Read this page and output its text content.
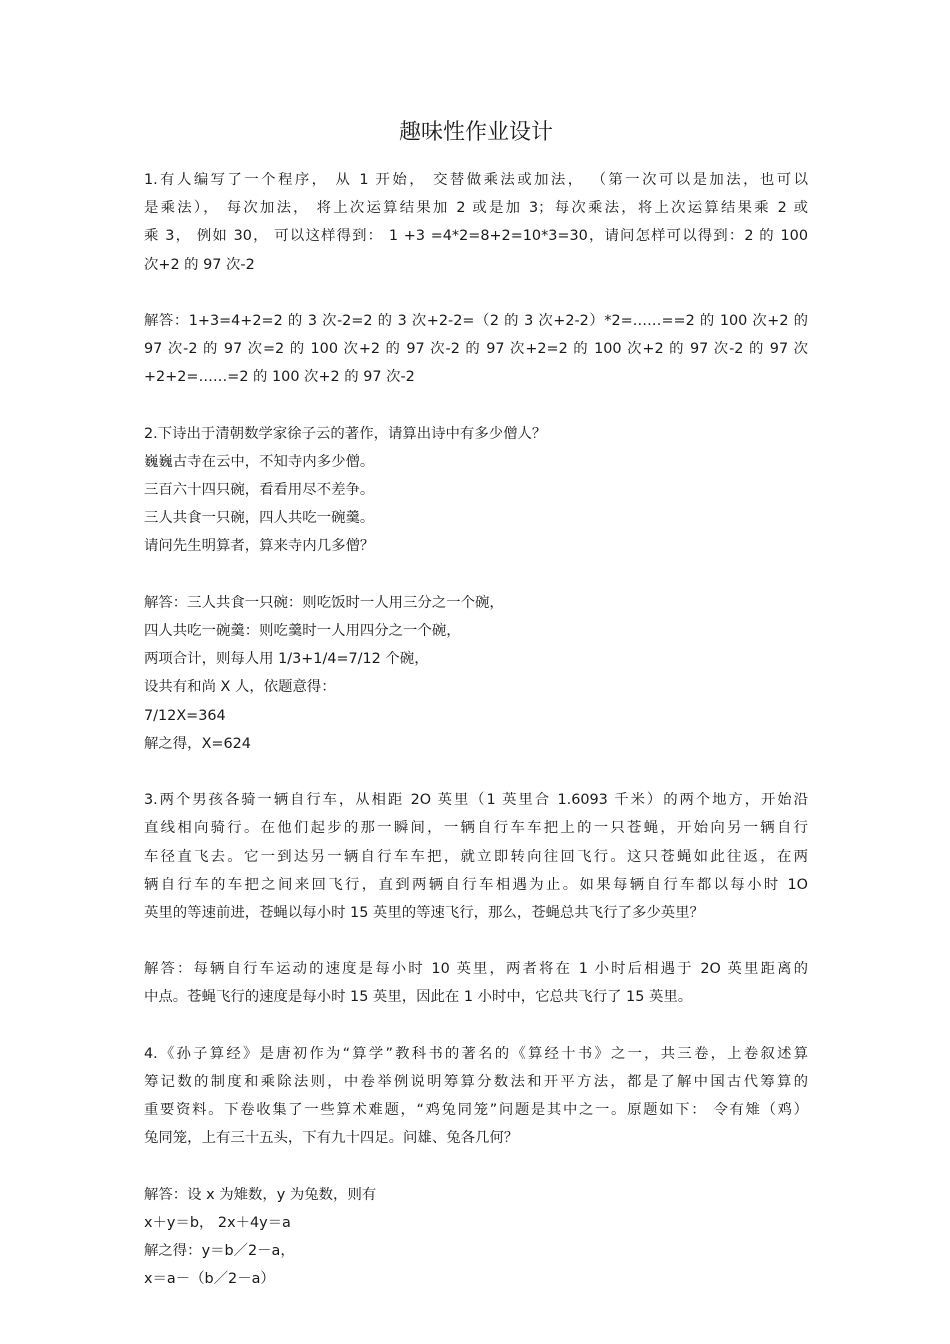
趣味性作业设计
1.有人编写了一个程序， 从 1 开始， 交替做乘法或加法， （第一次可以是加法，也可以
是乘法）， 每次加法， 将上次运算结果加 2 或是加 3；每次乘法，将上次运算结果乘 2 或
乘 3， 例如 30， 可以这样得到： 1 +3 =4*2=8+2=10*3=30，请问怎样可以得到：2 的 100
次+2 的 97 次-2
解答：1+3=4+2=2 的 3 次-2=2 的 3 次+2-2=（2 的 3 次+2-2）*2=……==2 的 100 次+2 的
97 次-2 的 97 次=2 的 100 次+2 的 97 次-2 的 97 次+2=2 的 100 次+2 的 97 次-2 的 97 次
+2+2=……=2 的 100 次+2 的 97 次-2
2.下诗出于清朝数学家徐子云的著作，请算出诗中有多少僧人？
巍巍古寺在云中，不知寺内多少僧。
三百六十四只碗，看看用尽不差争。
三人共食一只碗，四人共吃一碗羹。
请问先生明算者，算来寺内几多僧？
解答：三人共食一只碗：则吃饭时一人用三分之一个碗，
四人共吃一碗羹：则吃羹时一人用四分之一个碗，
两项合计，则每人用 1/3+1/4=7/12 个碗，
设共有和尚 X 人，依题意得：
7/12X=364
解之得，X=624
3.两个男孩各骑一辆自行车，从相距 2O 英里（1 英里合 1.6093 千米）的两个地方，开始沿
直线相向骑行。在他们起步的那一瞬间，一辆自行车车把上的一只苍蝇，开始向另一辆自行
车径直飞去。它一到达另一辆自行车车把，就立即转向往回飞行。这只苍蝇如此往返，在两
辆自行车的车把之间来回飞行，直到两辆自行车相遇为止。如果每辆自行车都以每小时 1O
英里的等速前进，苍蝇以每小时 15 英里的等速飞行，那么，苍蝇总共飞行了多少英里？
解答：每辆自行车运动的速度是每小时 10 英里，两者将在 1 小时后相遇于 2O 英里距离的
中点。苍蝇飞行的速度是每小时 15 英里，因此在 1 小时中，它总共飞行了 15 英里。
4.《孙子算经》是唐初作为“算学”教科书的著名的《算经十书》之一，共三卷，上卷叙述算
筹记数的制度和乘除法则，中卷举例说明筹算分数法和开平方法，都是了解中国古代筹算的
重要资料。下卷收集了一些算术难题，“鸡兔同笼”问题是其中之一。原题如下： 令有雉（鸡）
兔同笼，上有三十五头，下有九十四足。问雄、兔各几何？
解答：设 x 为雉数，y 为兔数，则有
x＋y＝b， 2x＋4y＝a
解之得：y＝b／2－a，
x＝a－（b／2－a）
